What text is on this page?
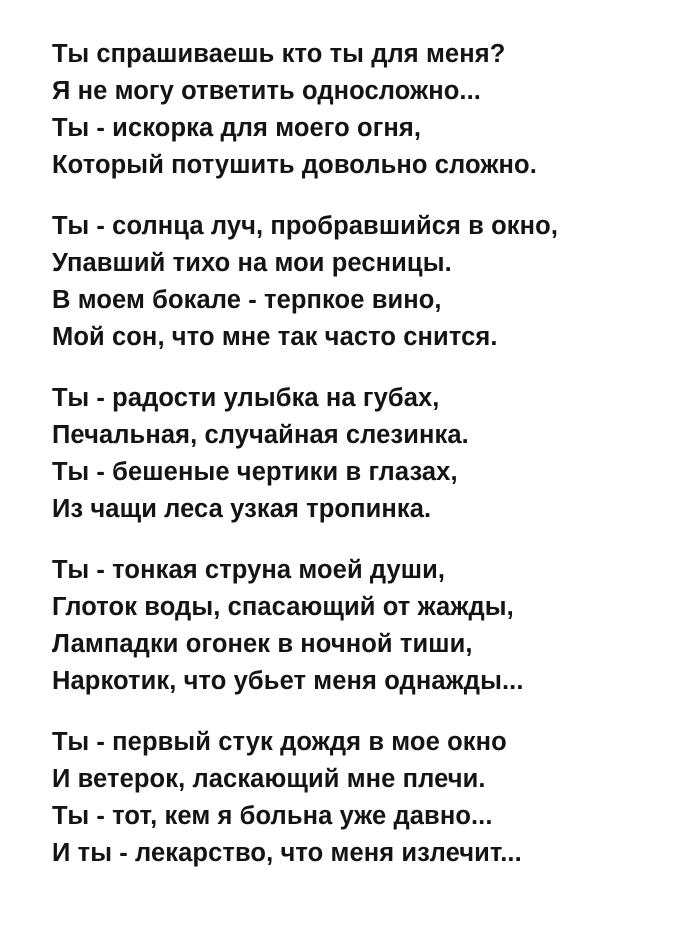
Ты спрашиваешь кто ты для меня?
Я не могу ответить односложно...
Ты - искорка для моего огня,
Который потушить довольно сложно.
Ты - солнца луч, пробравшийся в окно,
Упавший тихо на мои ресницы.
В моем бокале - терпкое вино,
Мой сон, что мне так часто снится.
Ты - радости улыбка на губах,
Печальная, случайная слезинка.
Ты - бешеные чертики в глазах,
Из чащи леса узкая тропинка.
Ты - тонкая струна моей души,
Глоток воды, спасающий от жажды,
Лампадки огонек в ночной тиши,
Наркотик, что убьет меня однажды...
Ты - первый стук дождя в мое окно
И ветерок, ласкающий мне плечи.
Ты - тот, кем я больна уже давно...
И ты - лекарство, что меня излечит...
